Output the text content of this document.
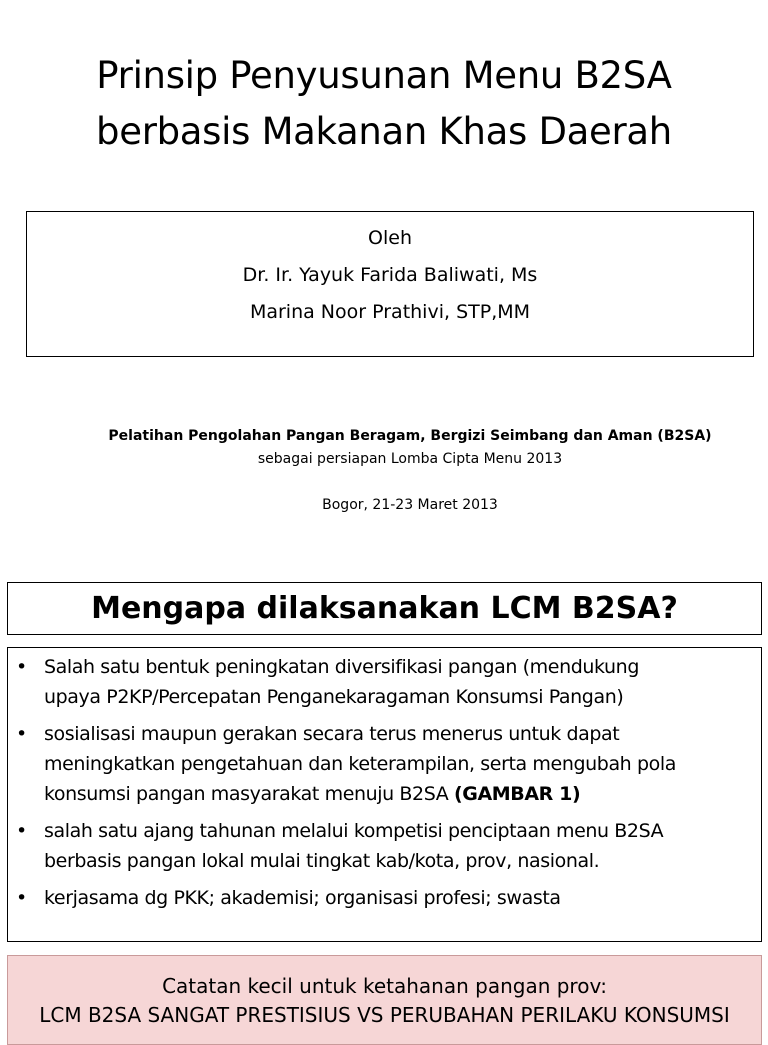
Prinsip Penyusunan Menu B2SA
berbasis Makanan Khas Daerah
Oleh
Dr. Ir. Yayuk Farida Baliwati, Ms
Marina Noor Prathivi, STP,MM
Pelatihan Pengolahan Pangan Beragam, Bergizi Seimbang dan Aman (B2SA)
sebagai persiapan Lomba Cipta Menu 2013
Bogor, 21-23 Maret 2013
Mengapa dilaksanakan LCM B2SA?
• Salah satu bentuk peningkatan diversifikasi pangan (mendukung
upaya P2KP/Percepatan Penganekaragaman Konsumsi Pangan)
• sosialisasi maupun gerakan secara terus menerus untuk dapat
meningkatkan pengetahuan dan keterampilan, serta mengubah pola
konsumsi pangan masyarakat menuju B2SA (GAMBAR 1)
• salah satu ajang tahunan melalui kompetisi penciptaan menu B2SA
berbasis pangan lokal mulai tingkat kab/kota, prov, nasional.
• kerjasama dg PKK; akademisi; organisasi profesi; swasta
Catatan kecil untuk ketahanan pangan prov:
LCM B2SA SANGAT PRESTISIUS VS PERUBAHAN PERILAKU KONSUMSI
